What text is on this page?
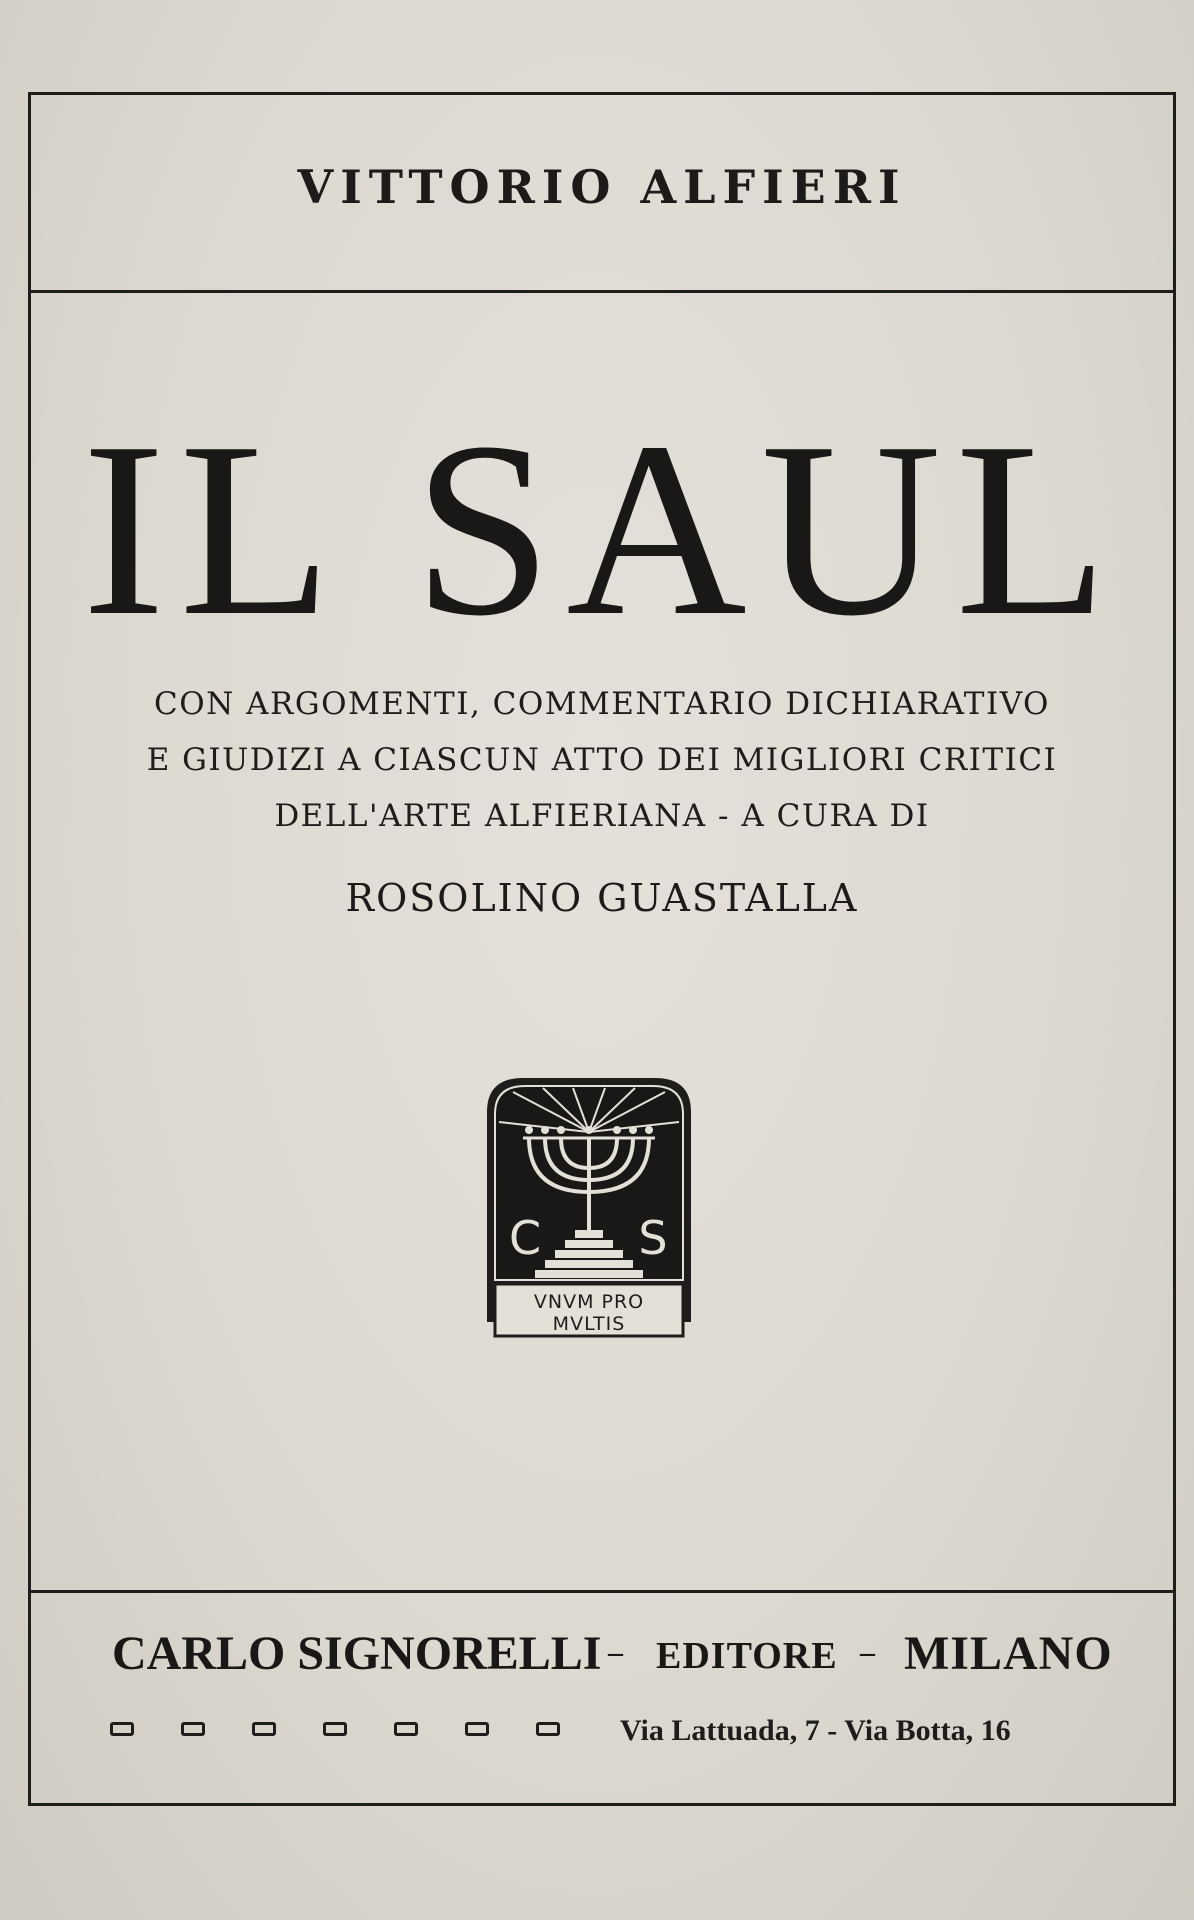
VITTORIO ALFIERI
IL SAUL
CON ARGOMENTI, COMMENTARIO DICHIARATIVO
E GIUDIZI A CIASCUN ATTO DEI MIGLIORI CRITICI
DELL'ARTE ALFIERIANA - A CURA DI
ROSOLINO GUASTALLA
C S
VNVM PRO
MVLTIS
CARLO SIGNORELLI – EDITORE – MILANO
Via Lattuada, 7 - Via Botta, 16
